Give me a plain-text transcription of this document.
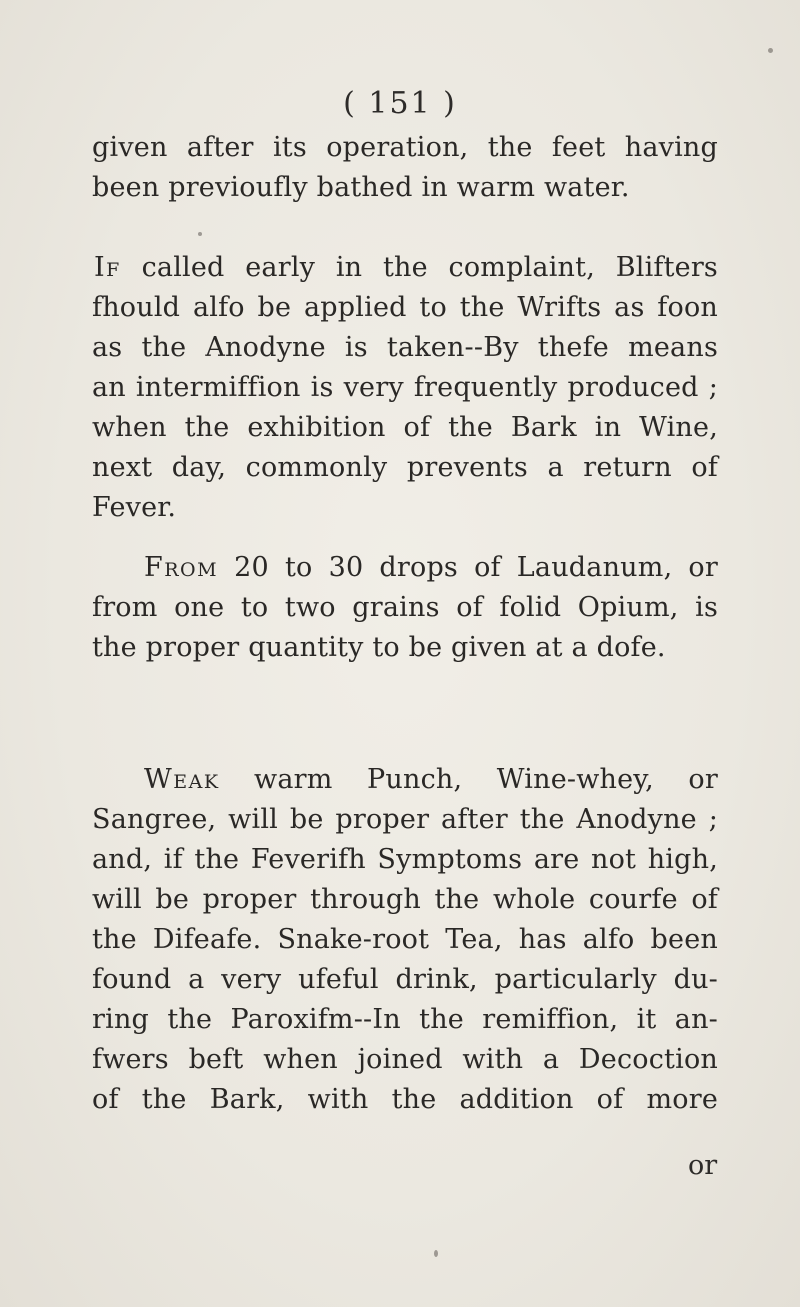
( 151 )
given after its operation, the feet having
been previoufly bathed in warm water.
If called early in the complaint, Blifters
fhould alfo be applied to the Wrifts as foon
as the Anodyne is taken--By thefe means
an intermiffion is very frequently produced ;
when the exhibition of the Bark in Wine,
next day, commonly prevents a return of
Fever.
From 20 to 30 drops of Laudanum, or
from one to two grains of folid Opium, is
the proper quantity to be given at a dofe.
Weak warm Punch, Wine-whey, or
Sangree, will be proper after the Anodyne ;
and, if the Feverifh Symptoms are not high,
will be proper through the whole courfe of
the Difeafe. Snake-root Tea, has alfo been
found a very ufeful drink, particularly du-
ring the Paroxifm--In the remiffion, it an-
fwers beft when joined with a Decoction
of the Bark, with the addition of more
or
